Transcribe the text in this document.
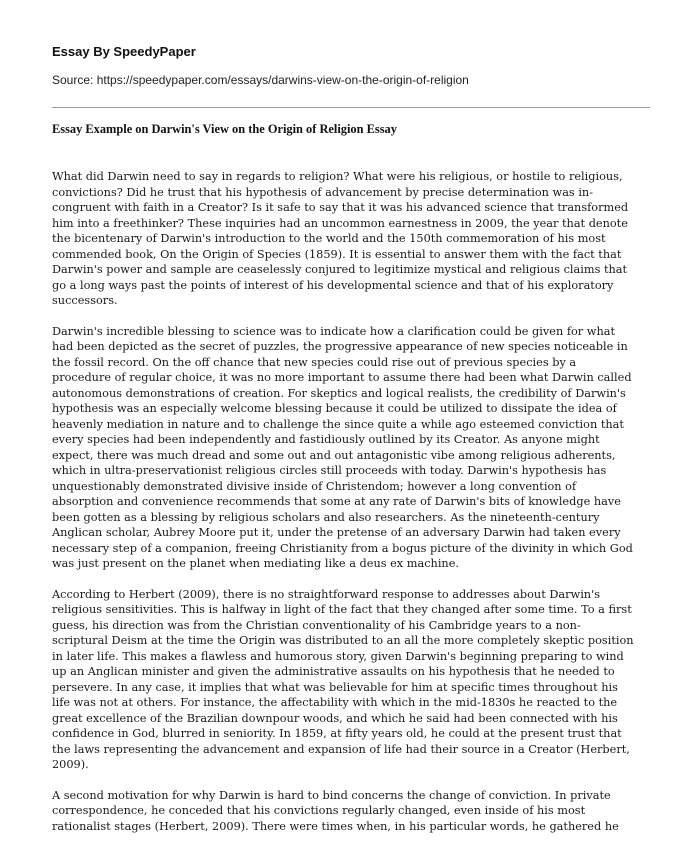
Essay By SpeedyPaper
Source: https://speedypaper.com/essays/darwins-view-on-the-origin-of-religion
Essay Example on Darwin's View on the Origin of Religion Essay
What did Darwin need to say in regards to religion? What were his religious, or hostile to religious,
convictions? Did he trust that his hypothesis of advancement by precise determination was in-
congruent with faith in a Creator? Is it safe to say that it was his advanced science that transformed
him into a freethinker? These inquiries had an uncommon earnestness in 2009, the year that denote
the bicentenary of Darwin's introduction to the world and the 150th commemoration of his most
commended book, On the Origin of Species (1859). It is essential to answer them with the fact that
Darwin's power and sample are ceaselessly conjured to legitimize mystical and religious claims that
go a long ways past the points of interest of his developmental science and that of his exploratory
successors.
Darwin's incredible blessing to science was to indicate how a clarification could be given for what
had been depicted as the secret of puzzles, the progressive appearance of new species noticeable in
the fossil record. On the off chance that new species could rise out of previous species by a
procedure of regular choice, it was no more important to assume there had been what Darwin called
autonomous demonstrations of creation. For skeptics and logical realists, the credibility of Darwin's
hypothesis was an especially welcome blessing because it could be utilized to dissipate the idea of
heavenly mediation in nature and to challenge the since quite a while ago esteemed conviction that
every species had been independently and fastidiously outlined by its Creator. As anyone might
expect, there was much dread and some out and out antagonistic vibe among religious adherents,
which in ultra-preservationist religious circles still proceeds with today. Darwin's hypothesis has
unquestionably demonstrated divisive inside of Christendom; however a long convention of
absorption and convenience recommends that some at any rate of Darwin's bits of knowledge have
been gotten as a blessing by religious scholars and also researchers. As the nineteenth-century
Anglican scholar, Aubrey Moore put it, under the pretense of an adversary Darwin had taken every
necessary step of a companion, freeing Christianity from a bogus picture of the divinity in which God
was just present on the planet when mediating like a deus ex machine.
According to Herbert (2009), there is no straightforward response to addresses about Darwin's
religious sensitivities. This is halfway in light of the fact that they changed after some time. To a first
guess, his direction was from the Christian conventionality of his Cambridge years to a non-
scriptural Deism at the time the Origin was distributed to an all the more completely skeptic position
in later life. This makes a flawless and humorous story, given Darwin's beginning preparing to wind
up an Anglican minister and given the administrative assaults on his hypothesis that he needed to
persevere. In any case, it implies that what was believable for him at specific times throughout his
life was not at others. For instance, the affectability with which in the mid-1830s he reacted to the
great excellence of the Brazilian downpour woods, and which he said had been connected with his
confidence in God, blurred in seniority. In 1859, at fifty years old, he could at the present trust that
the laws representing the advancement and expansion of life had their source in a Creator (Herbert,
2009).
A second motivation for why Darwin is hard to bind concerns the change of conviction. In private
correspondence, he conceded that his convictions regularly changed, even inside of his most
rationalist stages (Herbert, 2009). There were times when, in his particular words, he gathered he
